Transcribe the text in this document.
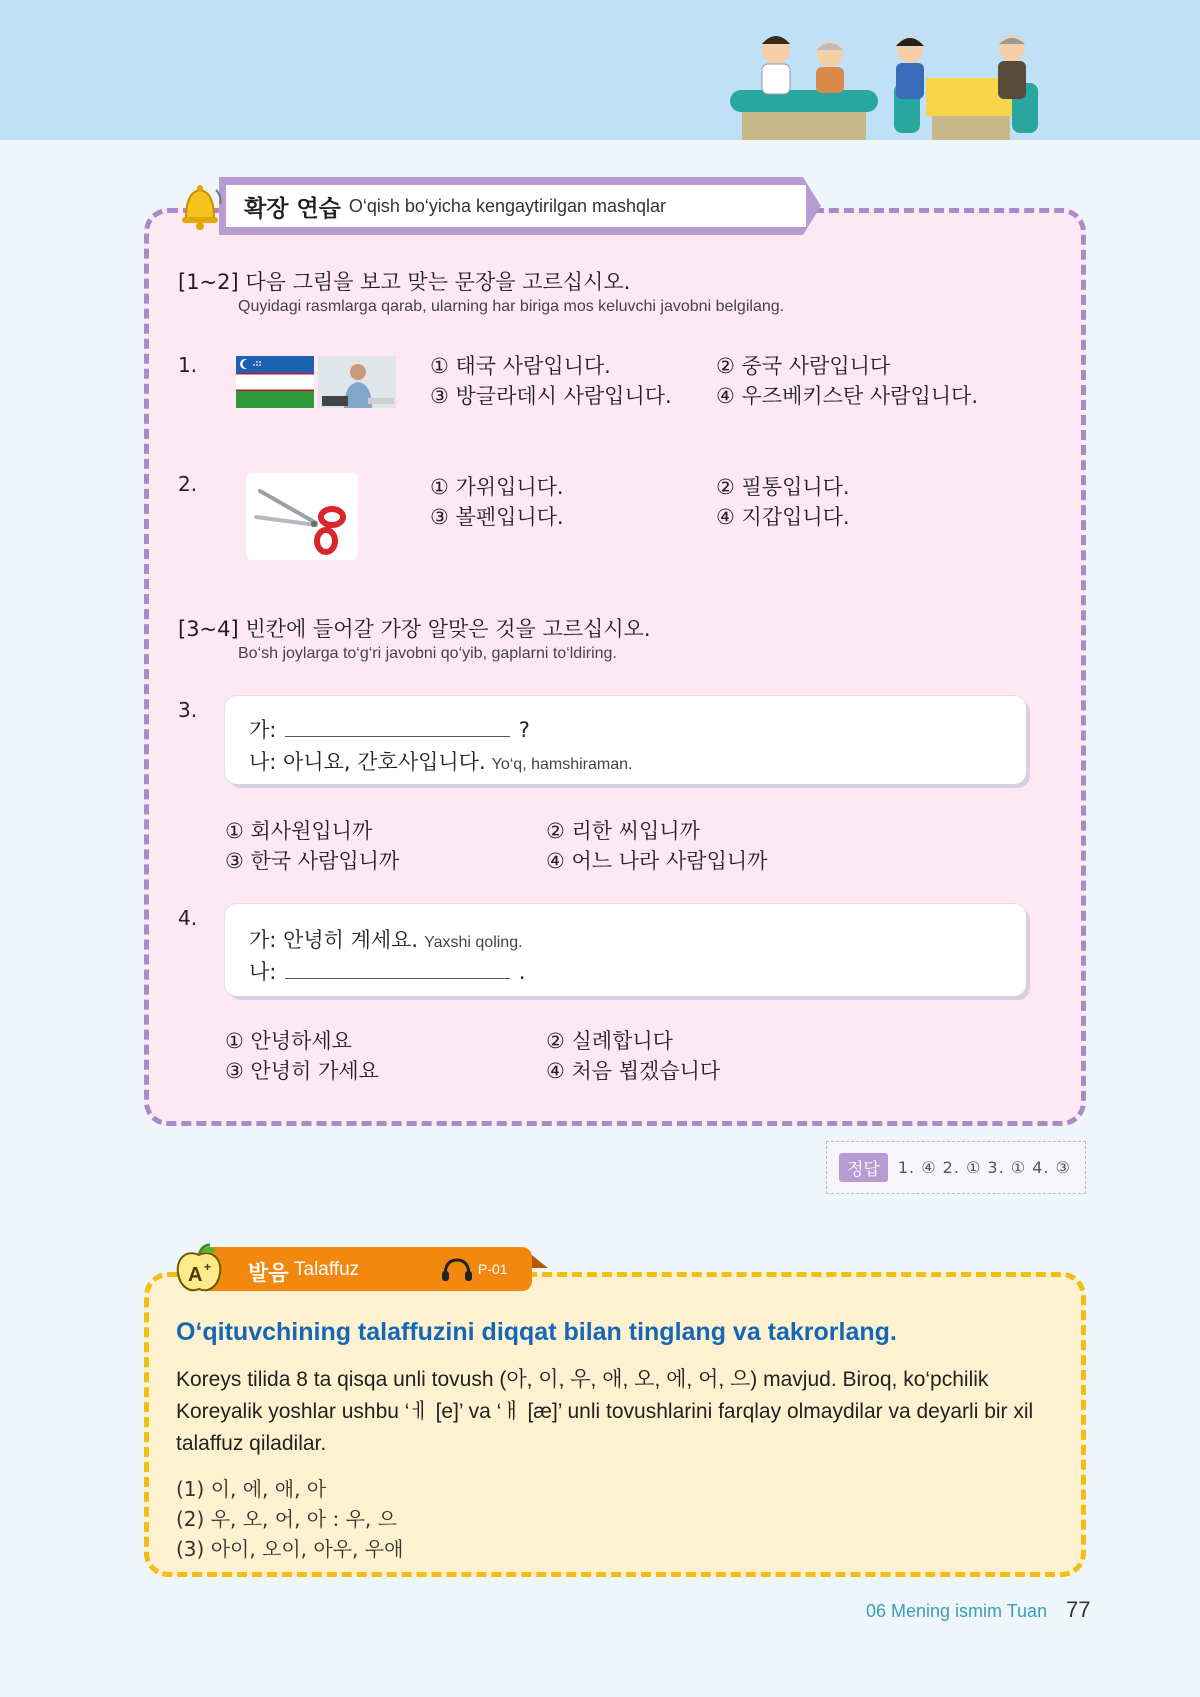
확장 연습 O‘qish bo‘yicha kengaytirilgan mashqlar
[1~2] 다음 그림을 보고 맞는 문장을 고르십시오.
Quyidagi rasmlarga qarab, ularning har biriga mos keluvchi javobni belgilang.
1.	① 태국 사람입니다.	② 중국 사람입니다
③ 방글라데시 사람입니다. ④ 우즈베키스탄 사람입니다.
2.	① 가위입니다.	② 필통입니다.
③ 볼펜입니다.	④ 지갑입니다.
[3~4] 빈칸에 들어갈 가장 알맞은 것을 고르십시오.
Bo‘sh joylarga to‘g‘ri javobni qo‘yib, gaplarni to‘ldiring.
3.
가:	?
나: 아니요, 간호사입니다. Yo‘q, hamshiraman.
① 회사원입니까	② 리한 씨입니까
③ 한국 사람입니까	④ 어느 나라 사람입니까
4.
가: 안녕히 계세요. Yaxshi qoling.
나:	.
① 안녕하세요	② 실례합니다
③ 안녕히 가세요	④ 처음 뵙겠습니다
정답	1. ④ 2. ① 3. ① 4. ③
A + 발음 Talaffuz	P-01
O‘qituvchining talaffuzini diqqat bilan tinglang va takrorlang.
Koreys tilida 8 ta qisqa unli tovush (아, 이, 우, 애, 오, 에, 어, 으) mavjud. Biroq, ko‘pchilik Koreyalik yoshlar ushbu ‘ㅔ [e]’ va ‘ㅐ [æ]’ unli tovushlarini farqlay olmaydilar va deyarli bir xil talaffuz qiladilar.
(1) 이, 에, 애, 아
(2) 우, 오, 어, 아 : 우, 으
(3) 아이, 오이, 아우, 우애
06 Mening ismim Tuan 77
